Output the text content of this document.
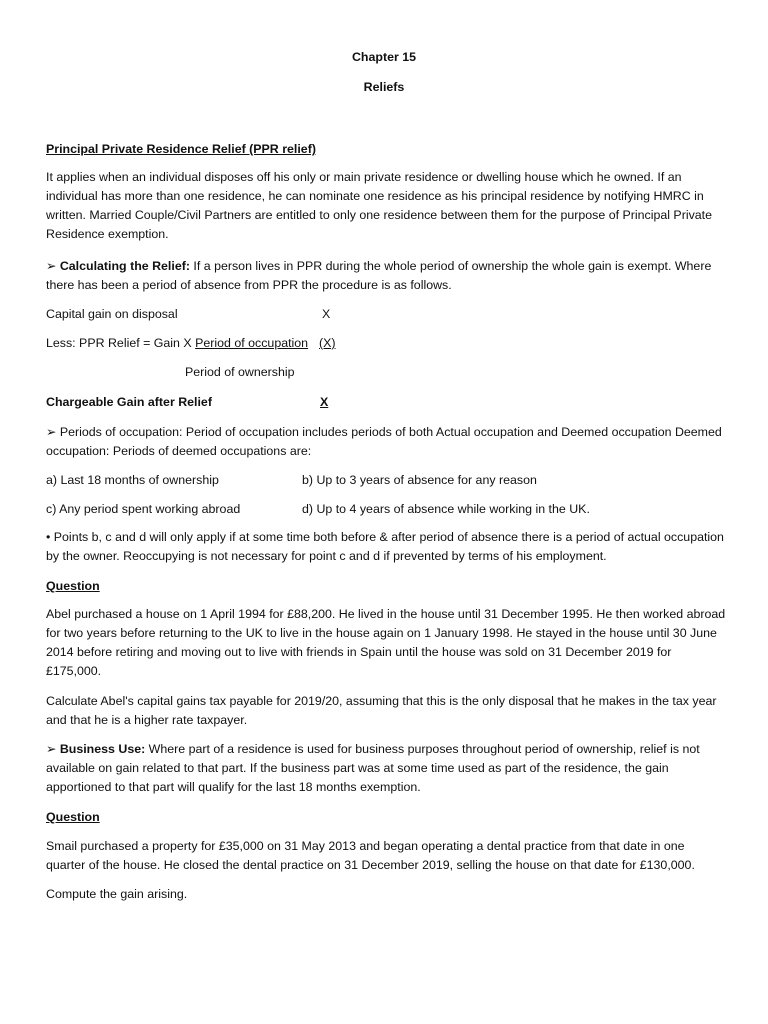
Chapter 15

Reliefs

Principal Private Residence Relief (PPR relief)

It applies when an individual disposes off his only or main private residence or dwelling house which he owned. If an individual has more than one residence, he can nominate one residence as his principal residence by notifying HMRC in written. Married Couple/Civil Partners are entitled to only one residence between them for the purpose of Principal Private Residence exemption.

➢ Calculating the Relief: If a person lives in PPR during the whole period of ownership the whole gain is exempt. Where there has been a period of absence from PPR the procedure is as follows.

Capital gain on disposal	X

Less: PPR Relief = Gain X Period of occupation (X)

Period of ownership

Chargeable Gain after Relief	X

➢ Periods of occupation: Period of occupation includes periods of both Actual occupation and Deemed occupation Deemed occupation: Periods of deemed occupations are:

a) Last 18 months of ownership	b) Up to 3 years of absence for any reason

c) Any period spent working abroad	d) Up to 4 years of absence while working in the UK.

• Points b, c and d will only apply if at some time both before & after period of absence there is a period of actual occupation by the owner. Reoccupying is not necessary for point c and d if prevented by terms of his employment.

Question

Abel purchased a house on 1 April 1994 for £88,200. He lived in the house until 31 December 1995. He then worked abroad for two years before returning to the UK to live in the house again on 1 January 1998. He stayed in the house until 30 June 2014 before retiring and moving out to live with friends in Spain until the house was sold on 31 December 2019 for £175,000.

Calculate Abel's capital gains tax payable for 2019/20, assuming that this is the only disposal that he makes in the tax year and that he is a higher rate taxpayer.

➢ Business Use: Where part of a residence is used for business purposes throughout period of ownership, relief is not available on gain related to that part. If the business part was at some time used as part of the residence, the gain apportioned to that part will qualify for the last 18 months exemption.

Question

Smail purchased a property for £35,000 on 31 May 2013 and began operating a dental practice from that date in one quarter of the house. He closed the dental practice on 31 December 2019, selling the house on that date for £130,000.

Compute the gain arising.
